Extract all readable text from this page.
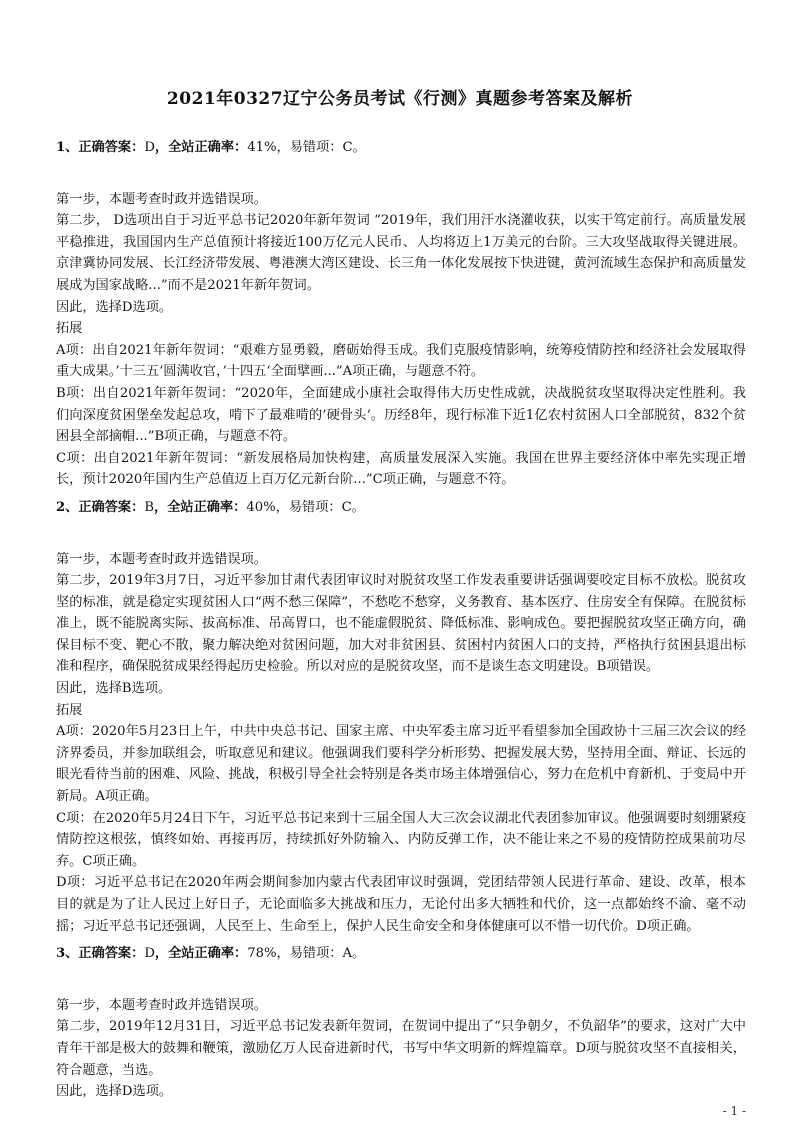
2021年0327辽宁公务员考试《行测》真题参考答案及解析
1、正确答案：D，全站正确率：41%，易错项：C。

第一步，本题考查时政并选错误项。

第二步， D选项出自于习近平总书记2020年新年贺词 “2019年，我们用汗水浇灌收获，以实干笃定前行。高质量发展平稳推进，我国国内生产总值预计将接近100万亿元人民币、人均将迈上1万美元的台阶。三大攻坚战取得关键进展。京津冀协同发展、长江经济带发展、粤港澳大湾区建设、长三角一体化发展按下快进键，黄河流域生态保护和高质量发展成为国家战略...”而不是2021年新年贺词。

因此，选择D选项。

拓展

A项：出自2021年新年贺词：“艰难方显勇毅，磨砺始得玉成。我们克服疫情影响，统筹疫情防控和经济社会发展取得重大成果。’十三五‘圆满收官，’十四五‘全面擘画...”A项正确，与题意不符。

B项：出自2021年新年贺词：“2020年，全面建成小康社会取得伟大历史性成就，决战脱贫攻坚取得决定性胜利。我们向深度贫困堡垒发起总攻，啃下了最难啃的’硬骨头‘。历经8年，现行标准下近1亿农村贫困人口全部脱贫，832个贫困县全部摘帽...”B项正确，与题意不符。

C项：出自2021年新年贺词：“新发展格局加快构建，高质量发展深入实施。我国在世界主要经济体中率先实现正增长，预计2020年国内生产总值迈上百万亿元新台阶...”C项正确，与题意不符。

2、正确答案：B，全站正确率：40%，易错项：C。

第一步，本题考查时政并选错误项。

第二步，2019年3月7日，习近平参加甘肃代表团审议时对脱贫攻坚工作发表重要讲话强调要咬定目标不放松。脱贫攻坚的标准，就是稳定实现贫困人口“两不愁三保障”，不愁吃不愁穿，义务教育、基本医疗、住房安全有保障。在脱贫标准上，既不能脱离实际、拔高标准、吊高胃口，也不能虚假脱贫、降低标准、影响成色。要把握脱贫攻坚正确方向，确保目标不变、靶心不散，聚力解决绝对贫困问题，加大对非贫困县、贫困村内贫困人口的支持，严格执行贫困县退出标准和程序，确保脱贫成果经得起历史检验。所以对应的是脱贫攻坚，而不是谈生态文明建设。B项错误。

因此，选择B选项。

拓展

A项：2020年5月23日上午，中共中央总书记、国家主席、中央军委主席习近平看望参加全国政协十三届三次会议的经济界委员，并参加联组会，听取意见和建议。他强调我们要科学分析形势、把握发展大势，坚持用全面、辩证、长远的眼光看待当前的困难、风险、挑战，积极引导全社会特别是各类市场主体增强信心，努力在危机中育新机、于变局中开新局。A项正确。

C项：在2020年5月24日下午，习近平总书记来到十三届全国人大三次会议湖北代表团参加审议。他强调要时刻绷紧疫情防控这根弦，慎终如始、再接再厉，持续抓好外防输入、内防反弹工作，决不能让来之不易的疫情防控成果前功尽弃。C项正确。

D项：习近平总书记在2020年两会期间参加内蒙古代表团审议时强调，党团结带领人民进行革命、建设、改革，根本目的就是为了让人民过上好日子，无论面临多大挑战和压力，无论付出多大牺牲和代价，这一点都始终不渝、毫不动摇；习近平总书记还强调，人民至上、生命至上，保护人民生命安全和身体健康可以不惜一切代价。D项正确。

3、正确答案：D，全站正确率：78%，易错项：A。

第一步，本题考查时政并选错误项。

第二步，2019年12月31日，习近平总书记发表新年贺词，在贺词中提出了“只争朝夕，不负韶华”的要求，这对广大中青年干部是极大的鼓舞和鞭策，激励亿万人民奋进新时代，书写中华文明新的辉煌篇章。D项与脱贫攻坚不直接相关，符合题意，当选。

因此，选择D选项。

- 1 -
